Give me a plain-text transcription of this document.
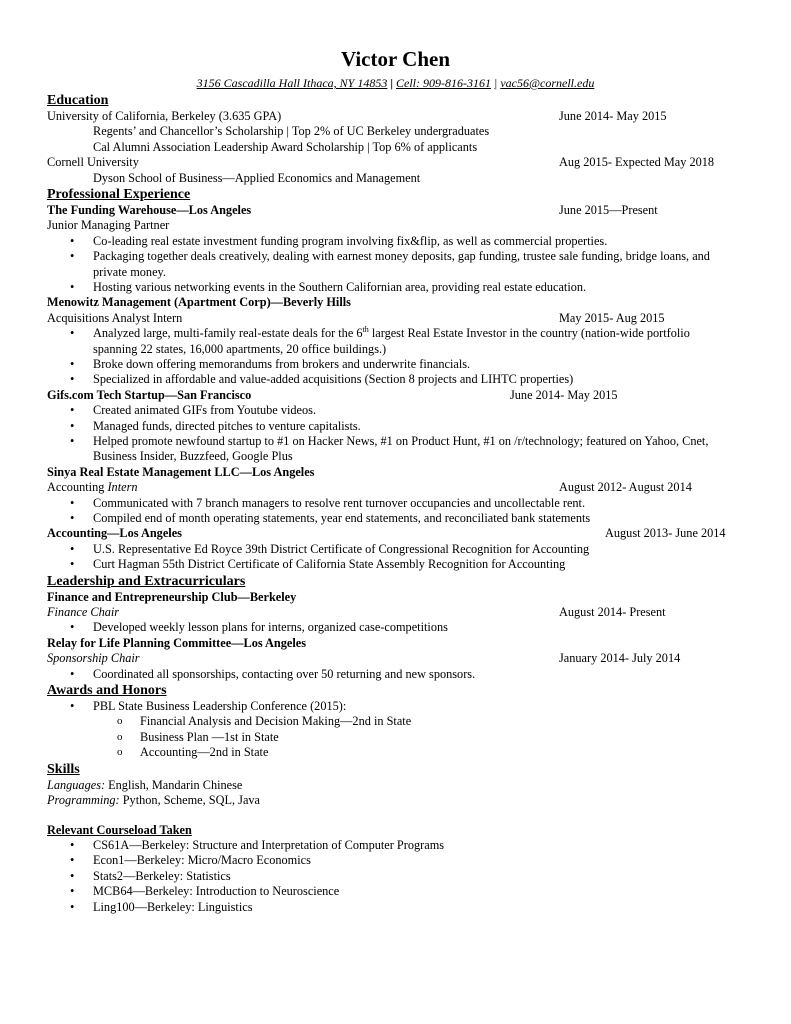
Victor Chen
3156 Cascadilla Hall Ithaca, NY 14853 | Cell: 909-816-3161 | vac56@cornell.edu
Education
University of California, Berkeley (3.635 GPA)	June 2014- May 2015
Regents’ and Chancellor’s Scholarship | Top 2% of UC Berkeley undergraduates
Cal Alumni Association Leadership Award Scholarship | Top 6% of applicants
Cornell University	Aug 2015- Expected May 2018
Dyson School of Business—Applied Economics and Management
Professional Experience
The Funding Warehouse—Los Angeles	June 2015—Present
Junior Managing Partner
• Co-leading real estate investment funding program involving fix&flip, as well as commercial properties.
• Packaging together deals creatively, dealing with earnest money deposits, gap funding, trustee sale funding, bridge loans, and
private money.
• Hosting various networking events in the Southern Californian area, providing real estate education.
Menowitz Management (Apartment Corp)—Beverly Hills
Acquisitions Analyst Intern	May 2015- Aug 2015
• Analyzed large, multi-family real-estate deals for the 6th largest Real Estate Investor in the country (nation-wide portfolio
spanning 22 states, 16,000 apartments, 20 office buildings.)
• Broke down offering memorandums from brokers and underwrite financials.
• Specialized in affordable and value-added acquisitions (Section 8 projects and LIHTC properties)
Gifs.com Tech Startup—San Francisco	June 2014- May 2015
• Created animated GIFs from Youtube videos.
• Managed funds, directed pitches to venture capitalists.
• Helped promote newfound startup to #1 on Hacker News, #1 on Product Hunt, #1 on /r/technology; featured on Yahoo, Cnet,
Business Insider, Buzzfeed, Google Plus
Sinya Real Estate Management LLC—Los Angeles
Accounting Intern	August 2012- August 2014
• Communicated with 7 branch managers to resolve rent turnover occupancies and uncollectable rent.
• Compiled end of month operating statements, year end statements, and reconciliated bank statements
Accounting—Los Angeles	August 2013- June 2014
• U.S. Representative Ed Royce 39th District Certificate of Congressional Recognition for Accounting
• Curt Hagman 55th District Certificate of California State Assembly Recognition for Accounting
Leadership and Extracurriculars
Finance and Entrepreneurship Club—Berkeley
Finance Chair	August 2014- Present
• Developed weekly lesson plans for interns, organized case-competitions
Relay for Life Planning Committee—Los Angeles
Sponsorship Chair	January 2014- July 2014
• Coordinated all sponsorships, contacting over 50 returning and new sponsors.
Awards and Honors
• PBL State Business Leadership Conference (2015):
o Financial Analysis and Decision Making—2nd in State
o Business Plan —1st in State
o Accounting—2nd in State
Skills
Languages: English, Mandarin Chinese
Programming: Python, Scheme, SQL, Java
Relevant Courseload Taken
• CS61A—Berkeley: Structure and Interpretation of Computer Programs
• Econ1—Berkeley: Micro/Macro Economics
• Stats2—Berkeley: Statistics
• MCB64—Berkeley: Introduction to Neuroscience
• Ling100—Berkeley: Linguistics
